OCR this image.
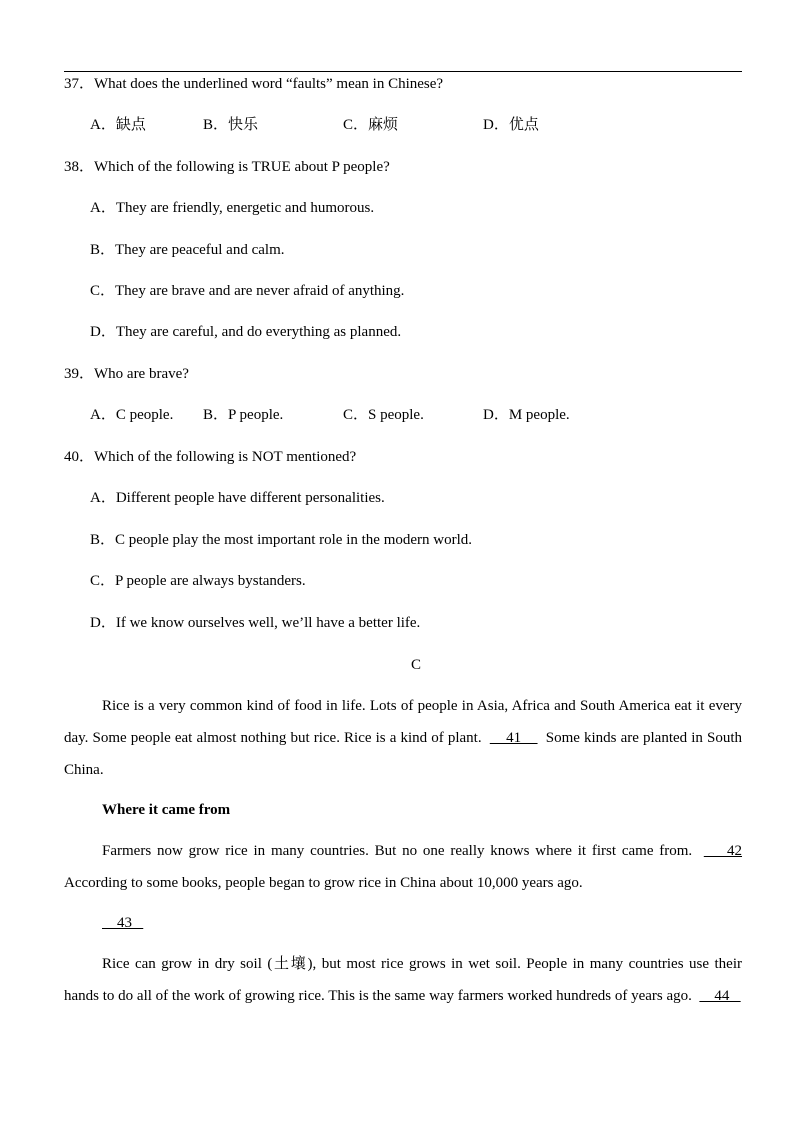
37．What does the underlined word “faults” mean in Chinese?
A．缺点	B．快乐	C．麻烦	D．优点
38．Which of the following is TRUE about P people?
A．They are friendly, energetic and humorous.
B．They are peaceful and calm.
C．They are brave and are never afraid of anything.
D．They are careful, and do everything as planned.
39．Who are brave?
A．C people. B．P people.	C．S people.	D．M people.
40．Which of the following is NOT mentioned?
A．Different people have different personalities.
B．C people play the most important role in the modern world.
C．P people are always bystanders.
D．If we know ourselves well, we’ll have a better life.
C
Rice is a very common kind of food in life. Lots of people in Asia, Africa and South America eat it every day. Some people eat almost nothing but rice. Rice is a kind of plant.      41      Some kinds are planted in South China.
Where it came from
Farmers now grow rice in many countries. But no one really knows where it first came from.      42 According to some books, people began to grow rice in China about 10,000 years ago.
43
Rice can grow in dry soil (土壤), but most rice grows in wet soil. People in many countries use their hands to do all of the work of growing rice. This is the same way farmers worked hundreds of years ago.      44
